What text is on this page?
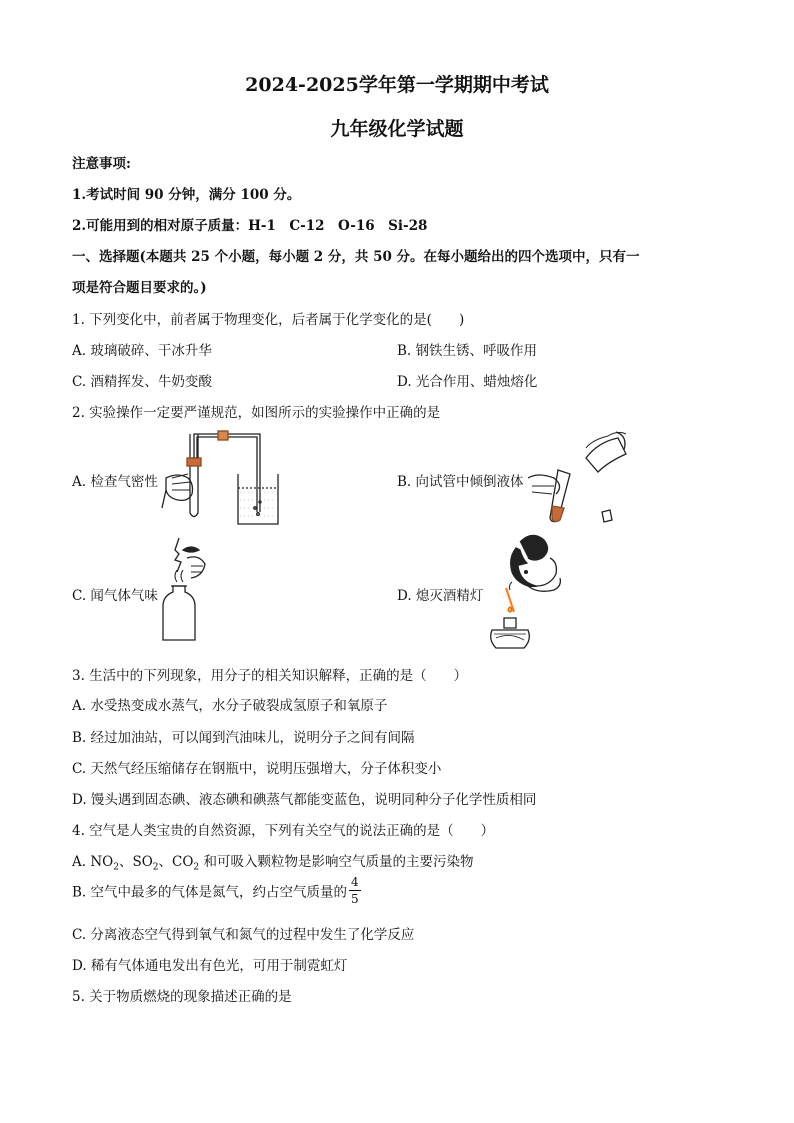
2024-2025学年第一学期期中考试
九年级化学试题
注意事项:
1.考试时间 90 分钟，满分 100 分。
2.可能用到的相对原子质量：H-1　C-12　O-16　Si-28
一、选择题(本题共 25 个小题，每小题 2 分，共 50 分。在每小题给出的四个选项中，只有一
项是符合题目要求的。)
1. 下列变化中，前者属于物理变化，后者属于化学变化的是(　　)
A. 玻璃破碎、干冰升华	B. 钢铁生锈、呼吸作用
C. 酒精挥发、牛奶变酸	D. 光合作用、蜡烛熔化
2. 实验操作一定要严谨规范，如图所示的实验操作中正确的是
A. 检查气密性	B. 向试管中倾倒液体
C. 闻气体气味	D. 熄灭酒精灯
3. 生活中的下列现象，用分子的相关知识解释，正确的是（　　）
A. 水受热变成水蒸气，水分子破裂成氢原子和氧原子
B. 经过加油站，可以闻到汽油味儿，说明分子之间有间隔
C. 天然气经压缩储存在钢瓶中，说明压强增大，分子体积变小
D. 馒头遇到固态碘、液态碘和碘蒸气都能变蓝色，说明同种分子化学性质相同
4. 空气是人类宝贵的自然资源，下列有关空气的说法正确的是（　　）
A. $NO_2$、$SO_2$、$CO_2$ 和可吸入颗粒物是影响空气质量的主要污染物
B. 空气中最多的气体是氮气，约占空气质量的 $\frac{4}{5}$
C. 分离液态空气得到氧气和氮气的过程中发生了化学反应
D. 稀有气体通电发出有色光，可用于制霓虹灯
5. 关于物质燃烧的现象描述正确的是
